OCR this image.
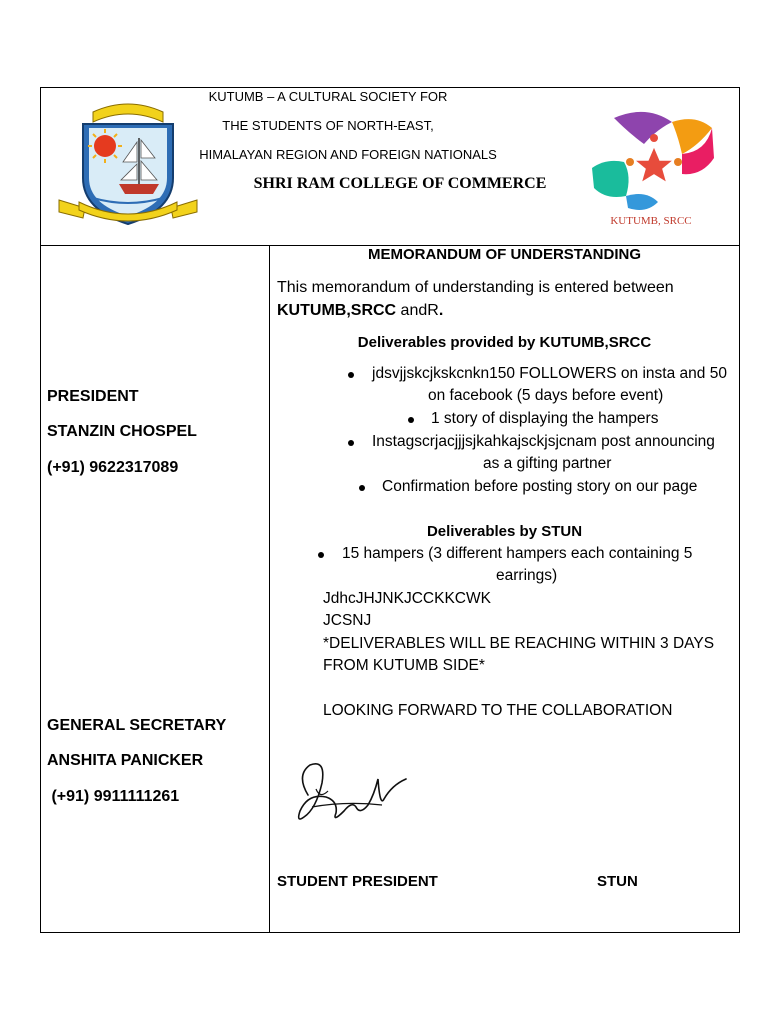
KUTUMB, SRCC
KUTUMB – A CULTURAL SOCIETY FOR
THE STUDENTS OF NORTH-EAST,
HIMALAYAN REGION AND FOREIGN NATIONALS
SHRI RAM COLLEGE OF COMMERCE
PRESIDENT
STANZIN CHOSPEL
(+91) 9622317089
GENERAL SECRETARY
ANSHITA PANICKER
(+91) 9911111261
MEMORANDUM OF UNDERSTANDING
This memorandum of understanding is entered between
KUTUMB,SRCC andR.
Deliverables provided by KUTUMB,SRCC
jdsvjjskcjkskcnkn150 FOLLOWERS on insta and 50
on facebook (5 days before event)
1 story of displaying the hampers
Instagscrjacjjjsjkahkajsckjsjcnam post announcing
as a gifting partner
Confirmation before posting story on our page
Deliverables by STUN
15 hampers (3 different hampers each containing 5
earrings)
JdhcJHJNKJCCKKCWK
JCSNJ
*DELIVERABLES WILL BE REACHING WITHIN 3 DAYS
FROM KUTUMB SIDE*
LOOKING FORWARD TO THE COLLABORATION
STUDENT PRESIDENT	STUN
